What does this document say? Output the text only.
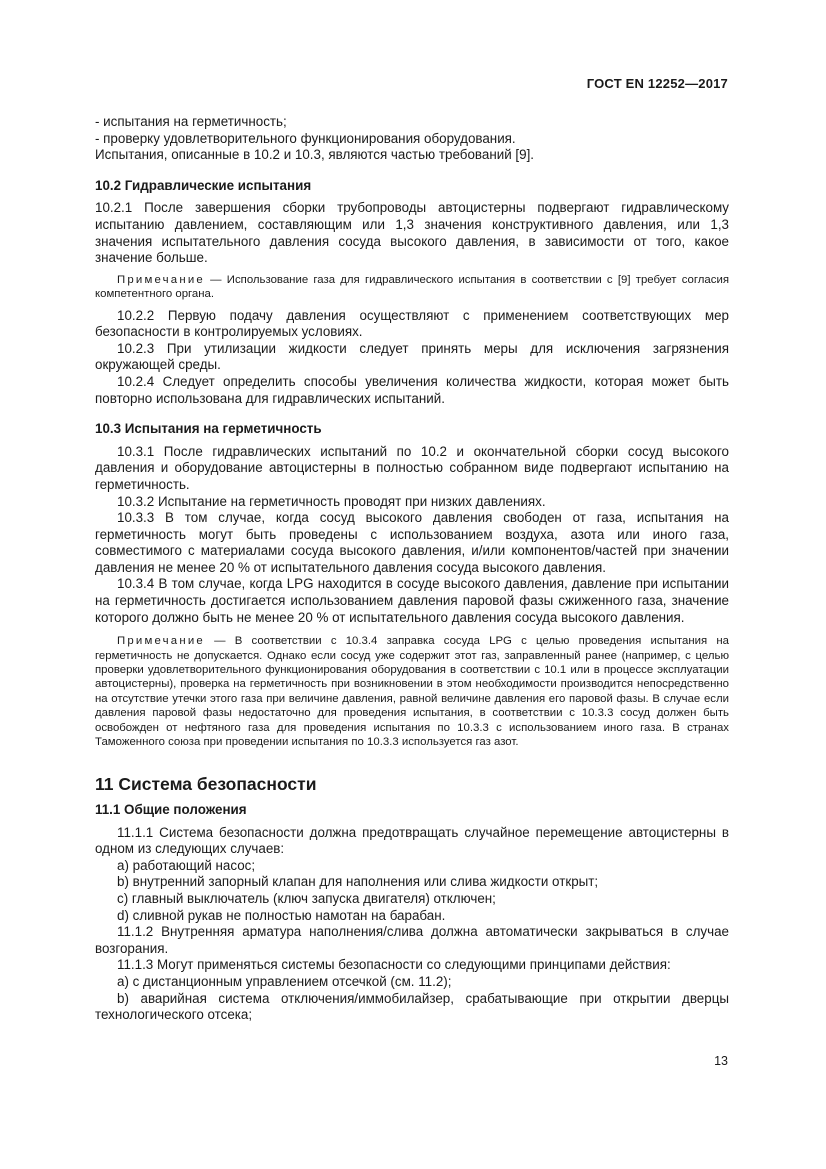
ГОСТ EN 12252—2017

- испытания на герметичность;

- проверку удовлетворительного функционирования оборудования.

Испытания, описанные в 10.2 и 10.3, являются частью требований [9].

10.2 Гидравлические испытания

10.2.1 После завершения сборки трубопроводы автоцистерны подвергают гидравлическому испытанию давлением, составляющим или 1,3 значения конструктивного давления, или 1,3 значения испытательного давления сосуда высокого давления, в зависимости от того, какое значение больше.

Примечание — Использование газа для гидравлического испытания в соответствии с [9] требует согласия компетентного органа.

10.2.2 Первую подачу давления осуществляют с применением соответствующих мер безопасности в контролируемых условиях.

10.2.3 При утилизации жидкости следует принять меры для исключения загрязнения окружающей среды.

10.2.4 Следует определить способы увеличения количества жидкости, которая может быть повторно использована для гидравлических испытаний.

10.3 Испытания на герметичность

10.3.1 После гидравлических испытаний по 10.2 и окончательной сборки сосуд высокого давления и оборудование автоцистерны в полностью собранном виде подвергают испытанию на герметичность.

10.3.2 Испытание на герметичность проводят при низких давлениях.

10.3.3 В том случае, когда сосуд высокого давления свободен от газа, испытания на герметичность могут быть проведены с использованием воздуха, азота или иного газа, совместимого с материалами сосуда высокого давления, и/или компонентов/частей при значении давления не менее 20 % от испытательного давления сосуда высокого давления.

10.3.4 В том случае, когда LPG находится в сосуде высокого давления, давление при испытании на герметичность достигается использованием давления паровой фазы сжиженного газа, значение которого должно быть не менее 20 % от испытательного давления сосуда высокого давления.

Примечание — В соответствии с 10.3.4 заправка сосуда LPG с целью проведения испытания на герметичность не допускается. Однако если сосуд уже содержит этот газ, заправленный ранее (например, с целью проверки удовлетворительного функционирования оборудования в соответствии с 10.1 или в процессе эксплуатации автоцистерны), проверка на герметичность при возникновении в этом необходимости производится непосредственно на отсутствие утечки этого газа при величине давления, равной величине давления его паровой фазы. В случае если давления паровой фазы недостаточно для проведения испытания, в соответствии с 10.3.3 сосуд должен быть освобожден от нефтяного газа для проведения испытания по 10.3.3 с использованием иного газа. В странах Таможенного союза при проведении испытания по 10.3.3 используется газ азот.

11 Система безопасности

11.1 Общие положения

11.1.1 Система безопасности должна предотвращать случайное перемещение автоцистерны в одном из следующих случаев:

a) работающий насос;

b) внутренний запорный клапан для наполнения или слива жидкости открыт;

c) главный выключатель (ключ запуска двигателя) отключен;

d) сливной рукав не полностью намотан на барабан.

11.1.2 Внутренняя арматура наполнения/слива должна автоматически закрываться в случае возгорания.

11.1.3 Могут применяться системы безопасности со следующими принципами действия:

a) с дистанционным управлением отсечкой (см. 11.2);

b) аварийная система отключения/иммобилайзер, срабатывающие при открытии дверцы технологического отсека;

13
